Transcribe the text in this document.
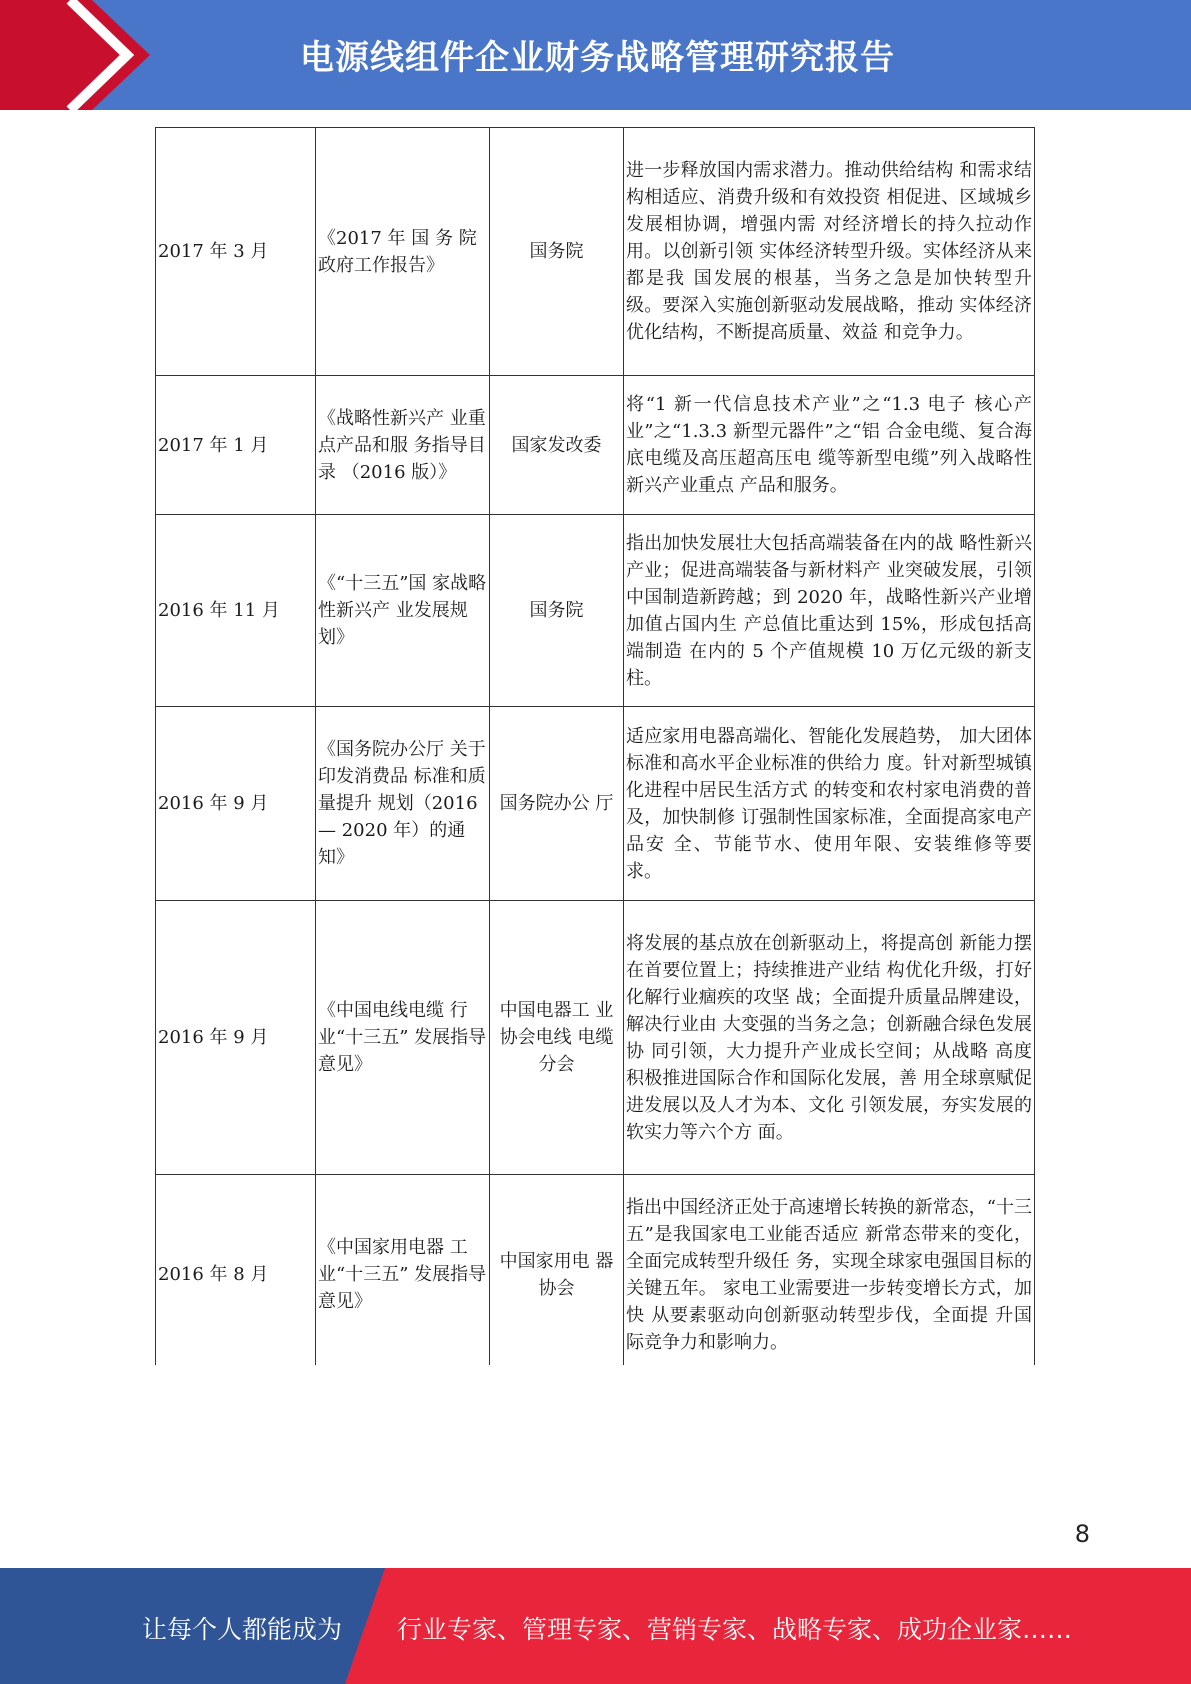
电源线组件企业财务战略管理研究报告
2017 年 3 月	《2017 年 国 务 院 政府工作报告》	国务院	进一步释放国内需求潜力。推动供给结构 和需求结构相适应、消费升级和有效投资 相促进、区域城乡发展相协调，增强内需 对经济增长的持久拉动作用。以创新引领 实体经济转型升级。实体经济从来都是我 国发展的根基，当务之急是加快转型升 级。要深入实施创新驱动发展战略，推动 实体经济优化结构，不断提高质量、效益 和竞争力。
2017 年 1 月	《战略性新兴产 业重点产品和服 务指导目录 （2016 版）》	国家发改委	将“1 新一代信息技术产业”之“1.3 电子 核心产业”之“1.3.3 新型元器件”之“铝 合金电缆、复合海底电缆及高压超高压电 缆等新型电缆”列入战略性新兴产业重点 产品和服务。
2016 年 11 月	《“十三五”国 家战略性新兴产 业发展规划》	国务院	指出加快发展壮大包括高端装备在内的战 略性新兴产业；促进高端装备与新材料产 业突破发展，引领中国制造新跨越；到 2020 年，战略性新兴产业增加值占国内生 产总值比重达到 15%，形成包括高端制造 在内的 5 个产值规模 10 万亿元级的新支 柱。
2016 年 9 月	《国务院办公厅 关于印发消费品 标准和质量提升 规划（2016— 2020 年）的通 知》	国务院办公 厅	适应家用电器高端化、智能化发展趋势， 加大团体标准和高水平企业标准的供给力 度。针对新型城镇化进程中居民生活方式 的转变和农村家电消费的普及，加快制修 订强制性国家标准，全面提高家电产品安 全、节能节水、使用年限、安装维修等要 求。
2016 年 9 月	《中国电线电缆 行业“十三五” 发展指导意见》	中国电器工 业协会电线 电缆分会	将发展的基点放在创新驱动上，将提高创 新能力摆在首要位置上；持续推进产业结 构优化升级，打好化解行业痼疾的攻坚 战；全面提升质量品牌建设，解决行业由 大变强的当务之急；创新融合绿色发展协 同引领，大力提升产业成长空间；从战略 高度积极推进国际合作和国际化发展，善 用全球禀赋促进发展以及人才为本、文化 引领发展，夯实发展的软实力等六个方 面。
2016 年 8 月	《中国家用电器 工业“十三五” 发展指导意见》	中国家用电 器协会	指出中国经济正处于高速增长转换的新常态，“十三五”是我国家电工业能否适应 新常态带来的变化，全面完成转型升级任 务，实现全球家电强国目标的关键五年。 家电工业需要进一步转变增长方式，加快 从要素驱动向创新驱动转型步伐，全面提 升国际竞争力和影响力。
8
让每个人都能成为 行业专家、管理专家、营销专家、战略专家、成功企业家……
